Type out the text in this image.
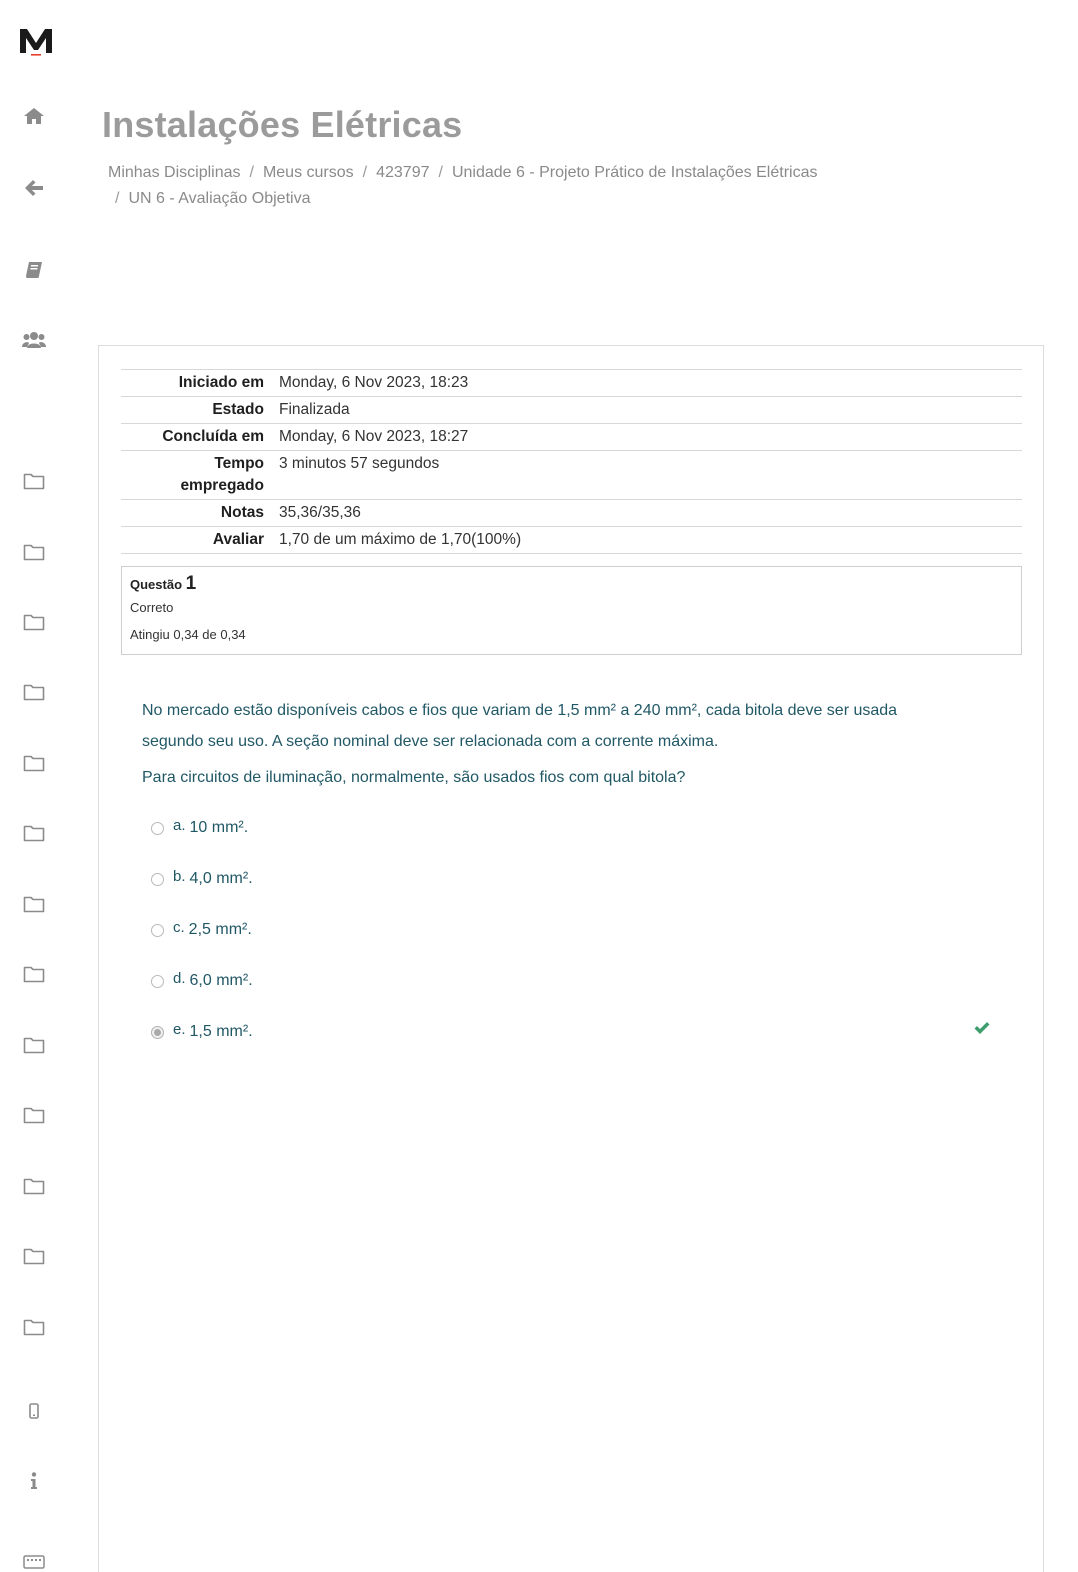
Instalações Elétricas
Minhas Disciplinas / Meus cursos / 423797 / Unidade 6 - Projeto Prático de Instalações Elétricas
/ UN 6 - Avaliação Objetiva
Iniciado em	Monday, 6 Nov 2023, 18:23
Estado	Finalizada
Concluída em	Monday, 6 Nov 2023, 18:27
Tempo empregado	3 minutos 57 segundos
Notas	35,36/35,36
Avaliar	1,70 de um máximo de 1,70(100%)
Questão 1
Correto
Atingiu 0,34 de 0,34

No mercado estão disponíveis cabos e fios que variam de 1,5 mm² a 240 mm², cada bitola deve ser usada segundo seu uso. A seção nominal deve ser relacionada com a corrente máxima.

Para circuitos de iluminação, normalmente, são usados fios com qual bitola?

a. 10 mm².
b. 4,0 mm².
c. 2,5 mm².
d. 6,0 mm².
e. 1,5 mm².
